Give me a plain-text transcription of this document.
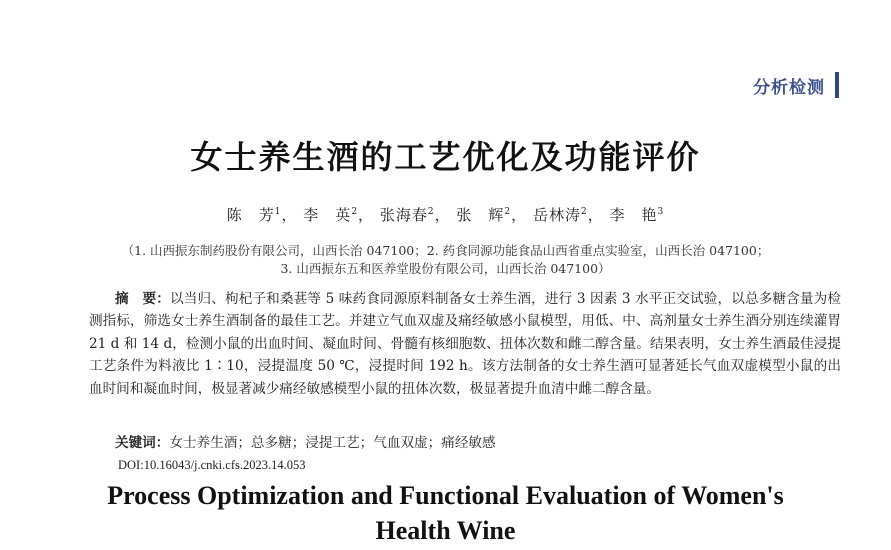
分析检测
女士养生酒的工艺优化及功能评价
陈　芳$^1$， 李　英$^2$， 张海春$^2$， 张　辉$^2$， 岳林涛$^2$， 李　艳$^3$
（1. 山西振东制药股份有限公司，山西长治 047100；2. 药食同源功能食品山西省重点实验室，山西长治 047100；
3. 山西振东五和医养堂股份有限公司，山西长治 047100）

摘　要：以当归、枸杞子和桑葚等 5 味药食同源原料制备女士养生酒，进行 3 因素 3 水平正交试验，以总多糖含量为检测指标，筛选女士养生酒制备的最佳工艺。并建立气血双虚及痛经敏感小鼠模型，用低、中、高剂量女士养生酒分别连续灌胃 21 d 和 14 d，检测小鼠的出血时间、凝血时间、骨髓有核细胞数、扭体次数和雌二醇含量。结果表明，女士养生酒最佳浸提工艺条件为料液比 1∶10，浸提温度 50 ℃，浸提时间 192 h。该方法制备的女士养生酒可显著延长气血双虚模型小鼠的出血时间和凝血时间，极显著减少痛经敏感模型小鼠的扭体次数，极显著提升血清中雌二醇含量。

关键词：女士养生酒；总多糖；浸提工艺；气血双虚；痛经敏感
DOI:10.16043/j.cnki.cfs.2023.14.053
Process Optimization and Functional Evaluation of Women's
Health Wine
